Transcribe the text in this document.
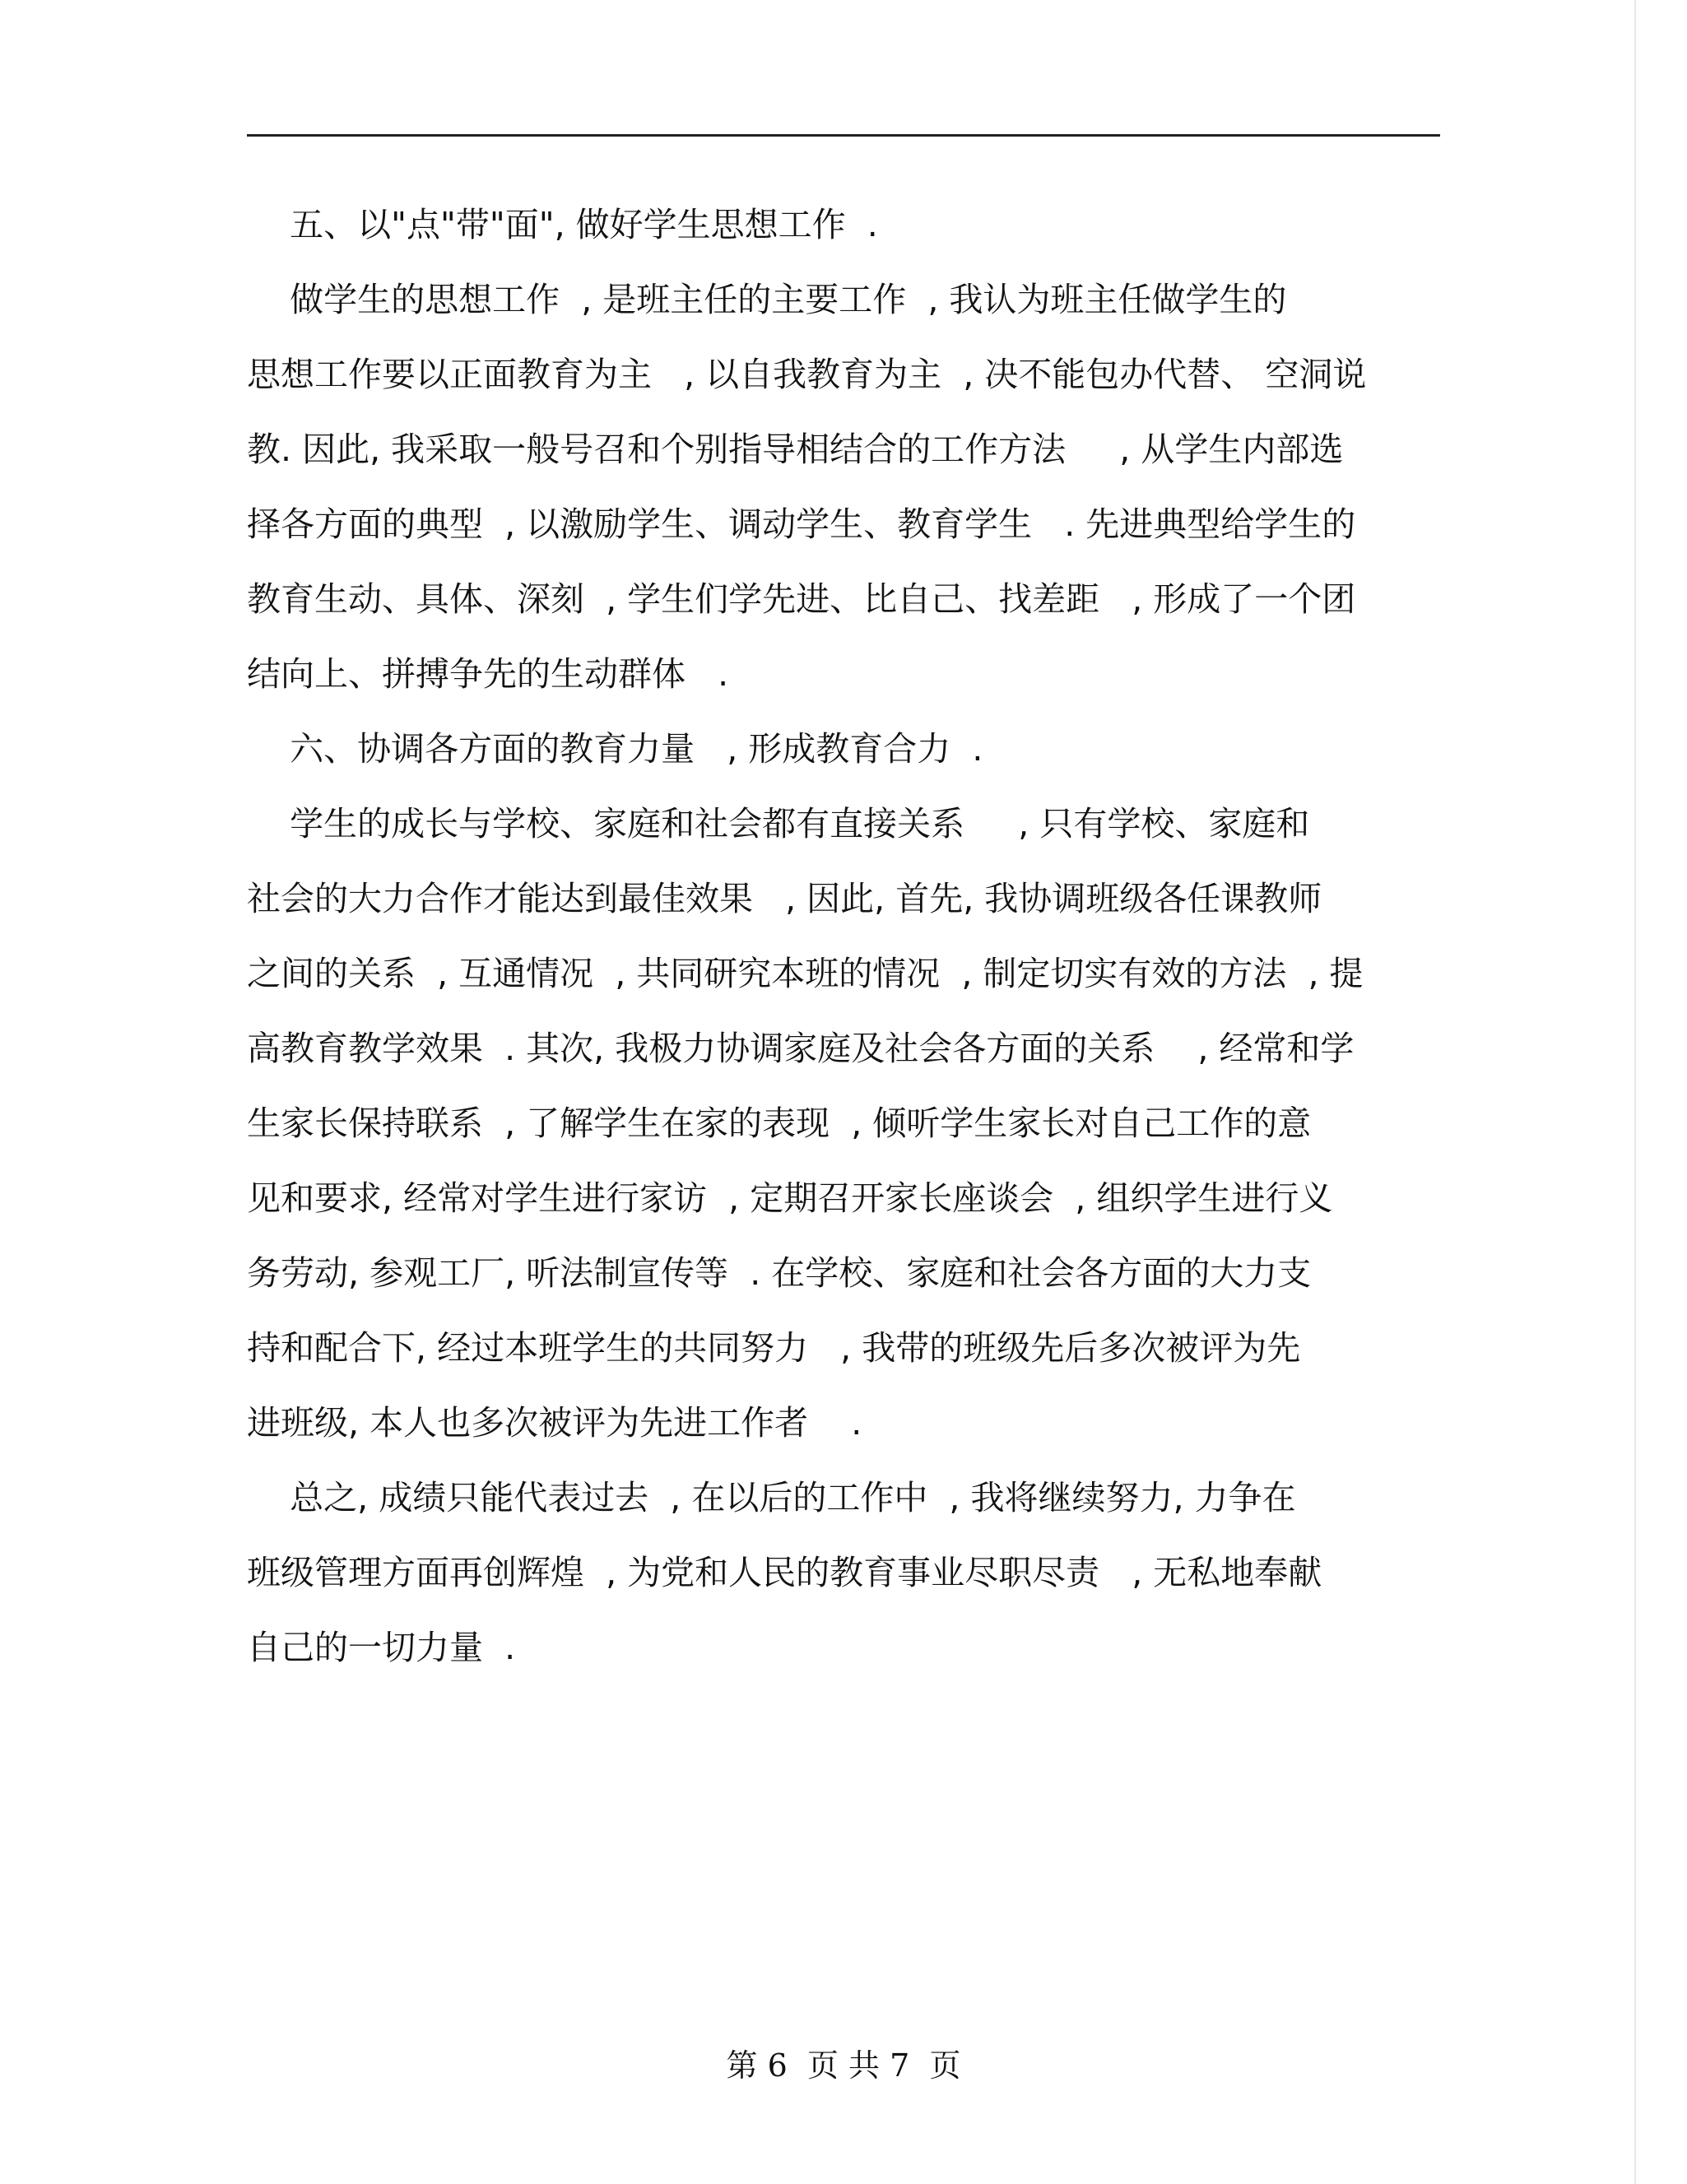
五、以"点"带"面", 做好学生思想工作  .
做学生的思想工作  , 是班主任的主要工作  , 我认为班主任做学生的
思想工作要以正面教育为主   , 以自我教育为主  , 决不能包办代替、 空洞说
教. 因此, 我采取一般号召和个别指导相结合的工作方法     , 从学生内部选
择各方面的典型  , 以激励学生、调动学生、教育学生   . 先进典型给学生的
教育生动、具体、深刻  , 学生们学先进、比自己、找差距   , 形成了一个团
结向上、拼搏争先的生动群体   .
六、协调各方面的教育力量   , 形成教育合力  .
学生的成长与学校、家庭和社会都有直接关系     , 只有学校、家庭和
社会的大力合作才能达到最佳效果   , 因此, 首先, 我协调班级各任课教师
之间的关系  , 互通情况  , 共同研究本班的情况  , 制定切实有效的方法  , 提
高教育教学效果  . 其次, 我极力协调家庭及社会各方面的关系    , 经常和学
生家长保持联系  , 了解学生在家的表现  , 倾听学生家长对自己工作的意
见和要求, 经常对学生进行家访  , 定期召开家长座谈会  , 组织学生进行义
务劳动, 参观工厂, 听法制宣传等  . 在学校、家庭和社会各方面的大力支
持和配合下, 经过本班学生的共同努力   , 我带的班级先后多次被评为先
进班级, 本人也多次被评为先进工作者    .
总之, 成绩只能代表过去  , 在以后的工作中  , 我将继续努力, 力争在
班级管理方面再创辉煌  , 为党和人民的教育事业尽职尽责   , 无私地奉献
自己的一切力量  .
第 6  页 共 7  页
